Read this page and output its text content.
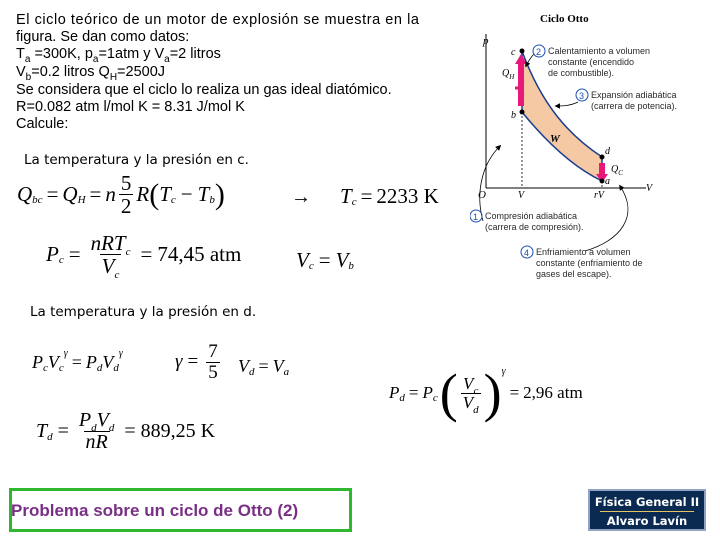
El ciclo teórico de un motor de explosión se muestra en la
figura. Se dan como datos:
$T_a =300K$, $p_a=1atm$ y $V_a=2$ litros
$V_b=0.2$ litros $Q_H=2500J$
Se considera que el ciclo lo realiza un gas ideal diatómico.
R=0.082 atm l/mol K = 8.31 J/mol K
Calcule:
La temperatura y la presión en c.
Q bc = Q H = n $\frac{5}{2}$ R ( T c − T b )	→ T c = 2233 K
P $c = \frac{nRT_c}{V_c} = 74,45$ atm	V c = V b
La temperatura y la presión en d.
P c V c
γ = P d V d
γ	$\gamma = \frac{7}{5}$ V d = V a
P d = P c ( $\frac{V_c}{V_d}$ ) γ
= 2,96 atm
T $d = \frac{P_dV_d}{nR} = 889,25$ K
Ciclo Otto
p
V
O	V	rV
$Q_H$
$Q_C$
c
b
d
a
W
2
3
1
4
Calentamiento a volumen
constante (encendido
de combustible).
Expansión adiabática
(carrera de potencia).
Compresión adiabática
(carrera de compresión).
Enfriamiento a volumen
constante (enfriamiento de
gases del escape).
Problema sobre un ciclo de Otto (2)	Física General II
Alvaro Lavín
